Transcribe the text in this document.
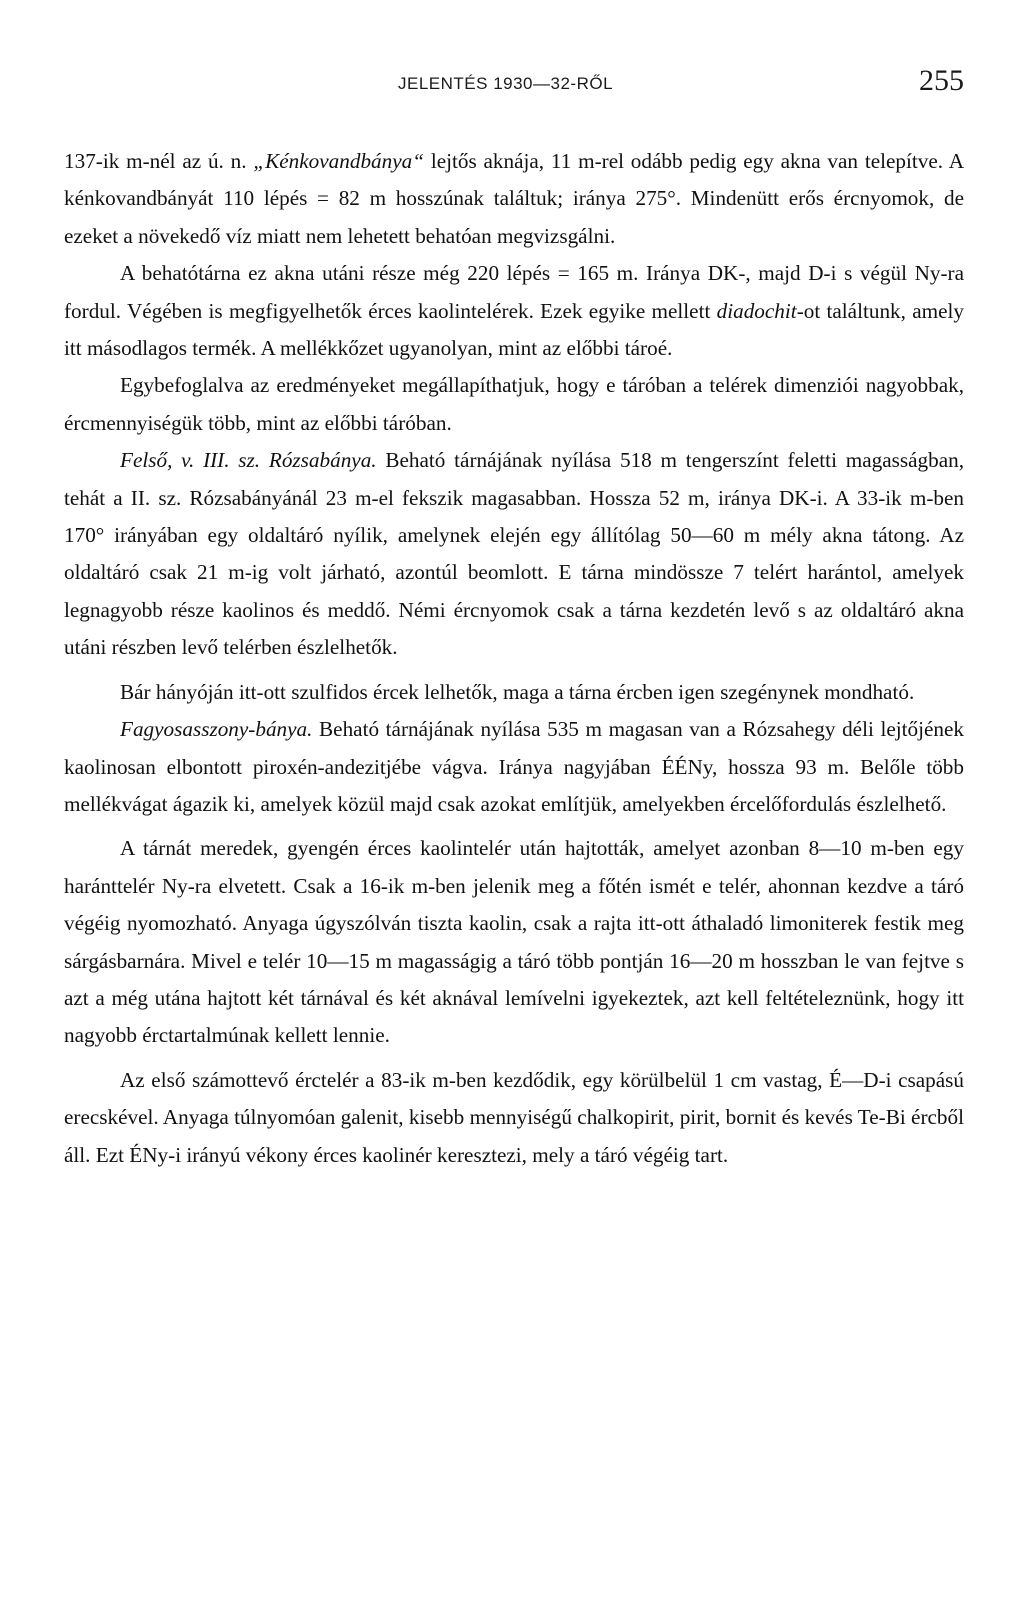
JELENTÉS 1930—32-RŐL	255

137-ik m-nél az ú. n. „Kénkovandbánya“ lejtős aknája, 11 m-rel odább pedig egy akna van telepítve. A kénkovandbányát 110 lépés = 82 m hosszúnak találtuk; iránya 275°. Mindenütt erős ércnyomok, de ezeket a növekedő víz miatt nem lehetett behatóan megvizsgálni.

A behatótárna ez akna utáni része még 220 lépés = 165 m. Iránya DK-, majd D-i s végül Ny-ra fordul. Végében is megfigyelhetők érces kaolintelérek. Ezek egyike mellett diadochit-ot találtunk, amely itt másodlagos termék. A mellékkőzet ugyanolyan, mint az előbbi tároé.

Egybefoglalva az eredményeket megállapíthatjuk, hogy e táróban a telérek dimenziói nagyobbak, ércmennyiségük több, mint az előbbi táróban.

Felső, v. III. sz. Rózsabánya. Beható tárnájának nyílása 518 m tengerszínt feletti magasságban, tehát a II. sz. Rózsabányánál 23 m-el fekszik magasabban. Hossza 52 m, iránya DK-i. A 33-ik m-ben 170° irányában egy oldaltáró nyílik, amelynek elején egy állítólag 50—60 m mély akna tátong. Az oldaltáró csak 21 m-ig volt járható, azontúl beomlott. E tárna mindössze 7 telért harántol, amelyek legnagyobb része kaolinos és meddő. Némi ércnyomok csak a tárna kezdetén levő s az oldaltáró akna utáni részben levő telérben észlelhetők.

Bár hányóján itt-ott szulfidos ércek lelhetők, maga a tárna ércben igen szegénynek mondható.

Fagyosasszony-bánya. Beható tárnájának nyílása 535 m magasan van a Rózsahegy déli lejtőjének kaolinosan elbontott piroxén-andezitjébe vágva. Iránya nagyjában ÉÉNy, hossza 93 m. Belőle több mellékvágat ágazik ki, amelyek közül majd csak azokat említjük, amelyekben ércelőfordulás észlelhető.

A tárnát meredek, gyengén érces kaolintelér után hajtották, amelyet azonban 8—10 m-ben egy haránttelér Ny-ra elvetett. Csak a 16-ik m-ben jelenik meg a főtén ismét e telér, ahonnan kezdve a táró végéig nyomozható. Anyaga úgyszólván tiszta kaolin, csak a rajta itt-ott áthaladó limoniterek festik meg sárgásbarnára. Mivel e telér 10—15 m magasságig a táró több pontján 16—20 m hosszban le van fejtve s azt a még utána hajtott két tárnával és két aknával lemívelni igyekeztek, azt kell feltételeznünk, hogy itt nagyobb érctartalmúnak kellett lennie.

Az első számottevő érctelér a 83-ik m-ben kezdődik, egy körülbelül 1 cm vastag, É—D-i csapású erecskével. Anyaga túlnyomóan galenit, kisebb mennyiségű chalkopirit, pirit, bornit és kevés Te-Bi ércből áll. Ezt ÉNy-i irányú vékony érces kaolinér keresztezi, mely a táró végéig tart.
